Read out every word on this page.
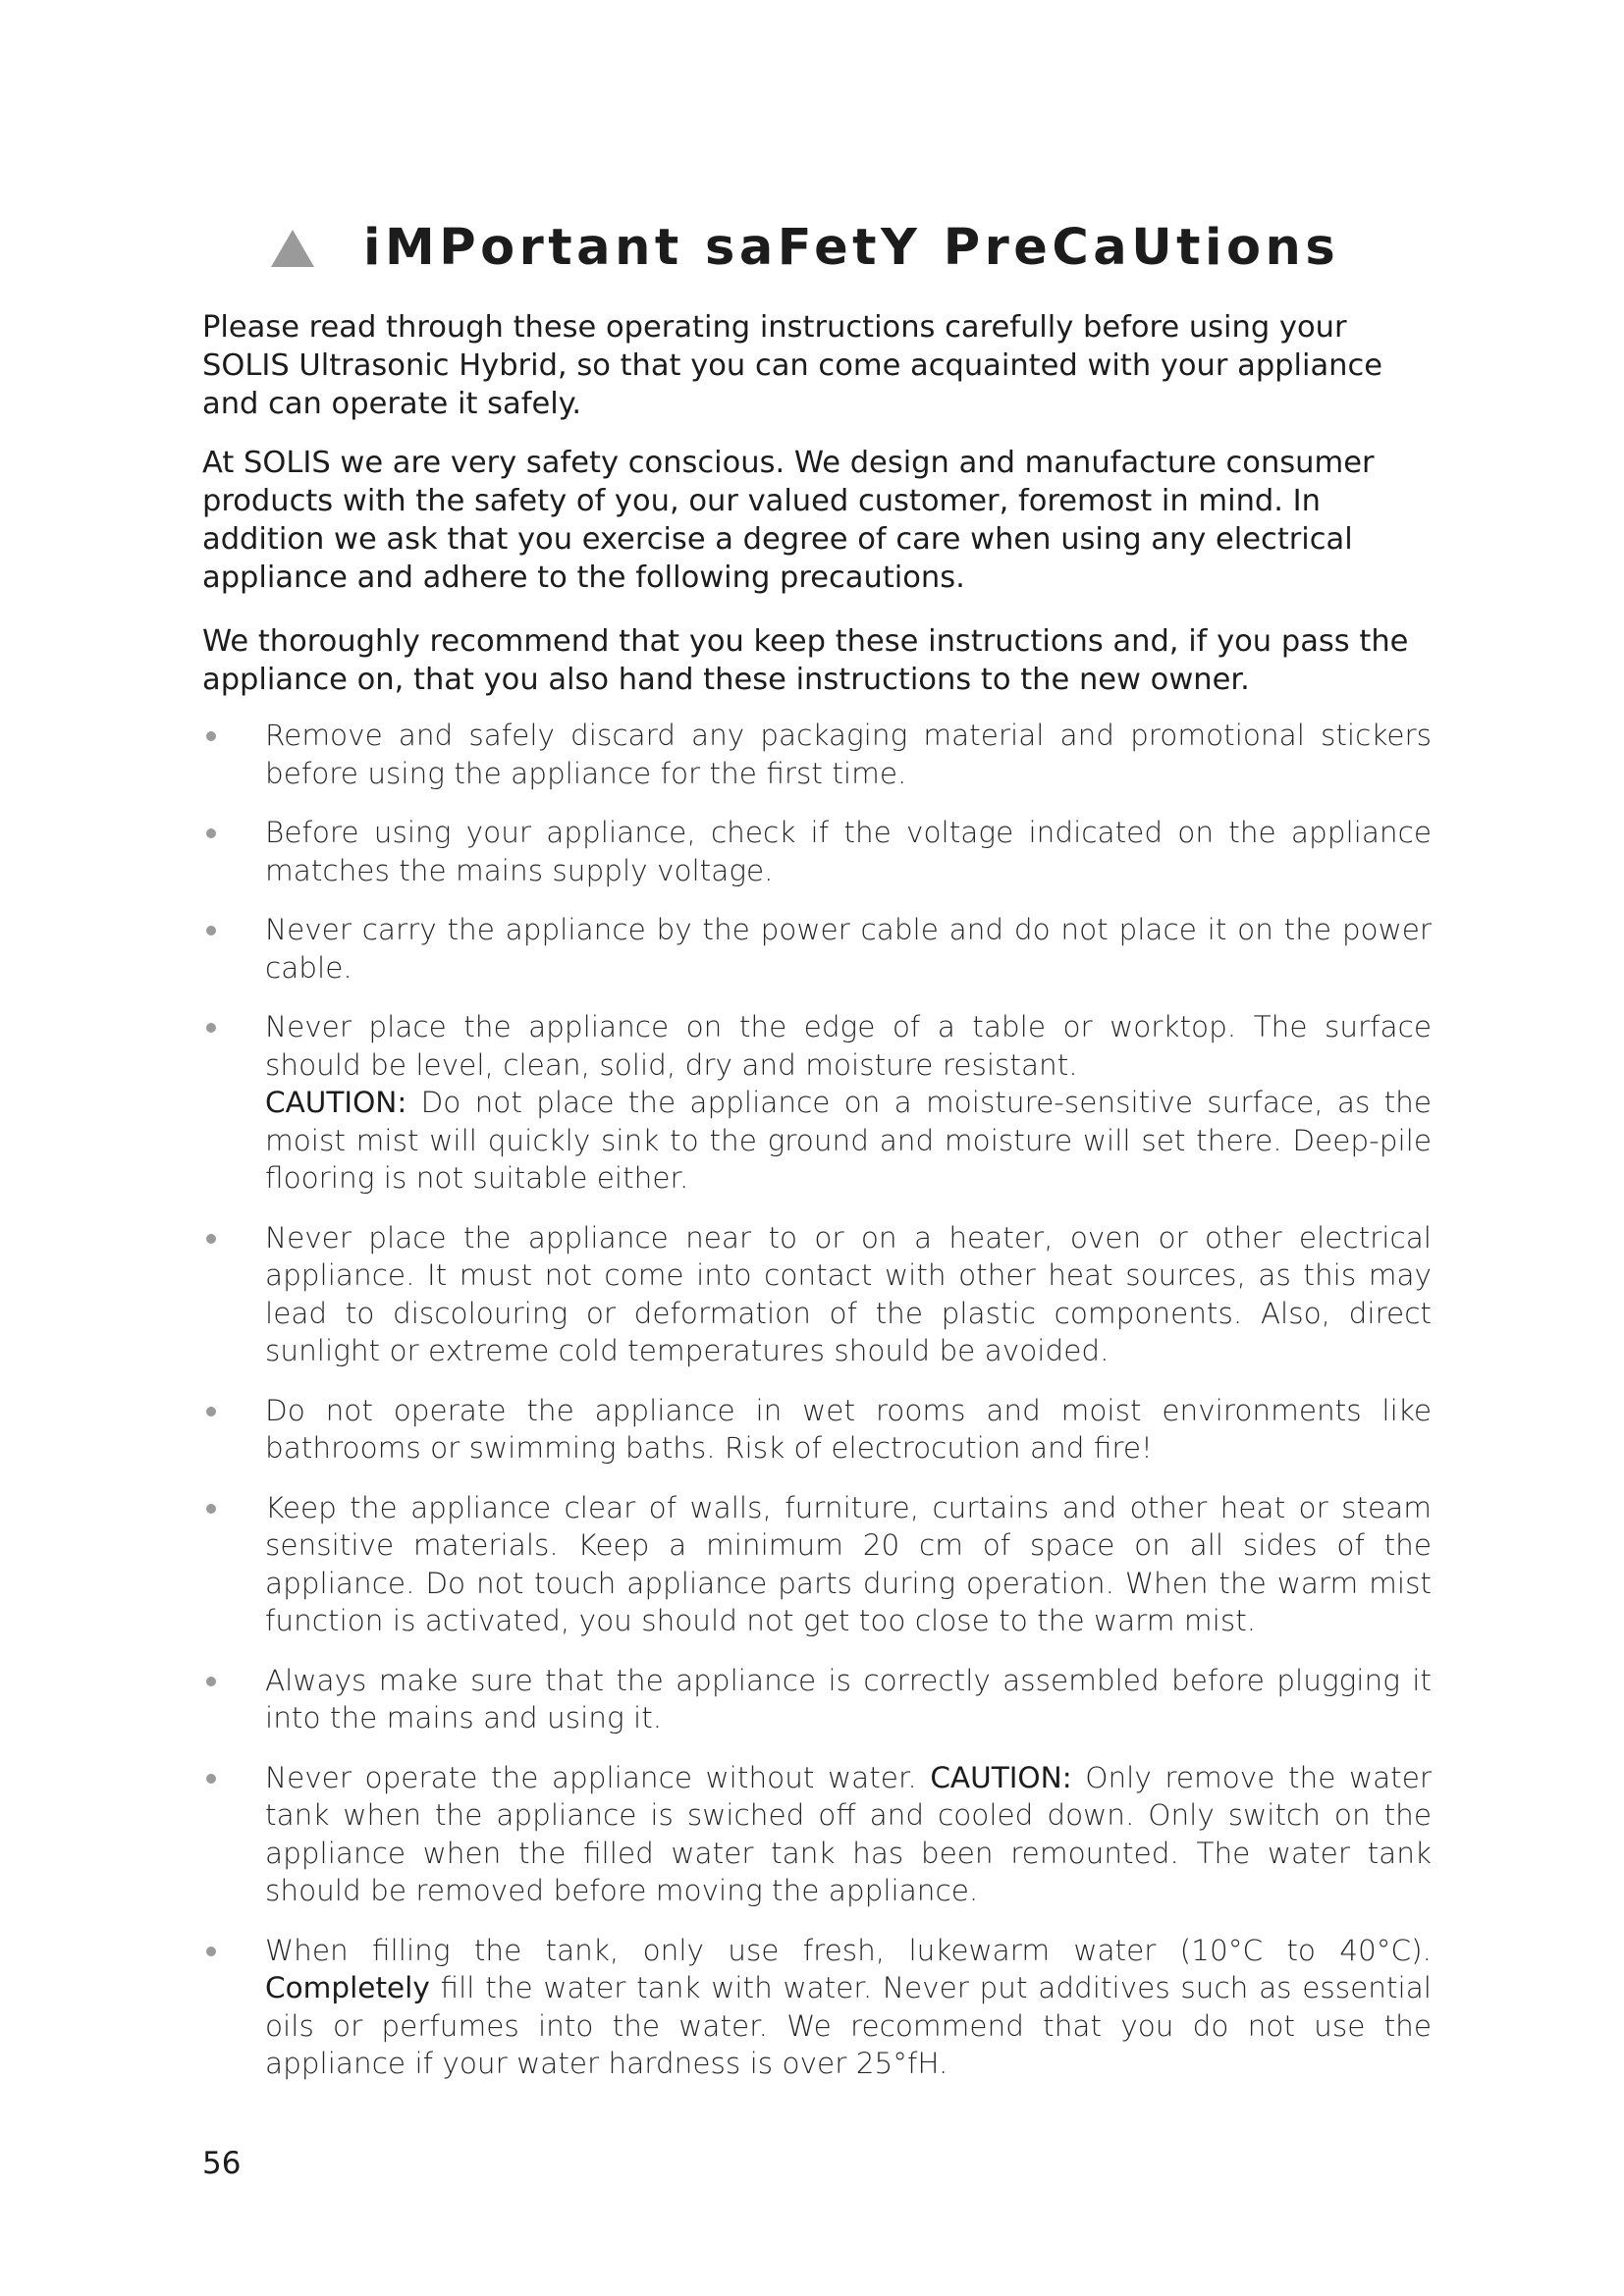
iMPortant saFetY PreCaUtions

Please read through these operating instructions carefully before using your SOLIS Ultrasonic Hybrid, so that you can come acquainted with your appliance and can operate it safely.

At SOLIS we are very safety conscious. We design and manufacture consumer products with the safety of you, our valued customer, foremost in mind. In addition we ask that you exercise a degree of care when using any electrical appliance and adhere to the following precautions.

We thoroughly recommend that you keep these instructions and, if you pass the appliance on, that you also hand these instructions to the new owner.

Remove and safely discard any packaging material and promotional stickers before using the appliance for the first time.
Before using your appliance, check if the voltage indicated on the appliance matches the mains supply voltage.
Never carry the appliance by the power cable and do not place it on the power cable.
Never place the appliance on the edge of a table or worktop. The surface should be level, clean, solid, dry and moisture resistant.
CAUTION: Do not place the appliance on a moisture-sensitive surface, as the moist mist will quickly sink to the ground and moisture will set there. Deep-pile flooring is not suitable either.
Never place the appliance near to or on a heater, oven or other electrical appliance. It must not come into contact with other heat sources, as this may lead to discolouring or deformation of the plastic components. Also, direct sunlight or extreme cold temperatures should be avoided.
Do not operate the appliance in wet rooms and moist environments like bathrooms or swimming baths. Risk of electrocution and fire!
Keep the appliance clear of walls, furniture, curtains and other heat or steam sensitive materials. Keep a minimum 20 cm of space on all sides of the appliance. Do not touch appliance parts during operation. When the warm mist function is activated, you should not get too close to the warm mist.
Always make sure that the appliance is correctly assembled before plugging it into the mains and using it.
Never operate the appliance without water. CAUTION: Only remove the water tank when the appliance is swiched off and cooled down. Only switch on the appliance when the filled water tank has been remounted. The water tank should be removed before moving the appliance.
When filling the tank, only use fresh, lukewarm water (10°C to 40°C). Completely fill the water tank with water. Never put additives such as essential oils or perfumes into the water. We recommend that you do not use the appliance if your water hardness is over 25°fH.
56
